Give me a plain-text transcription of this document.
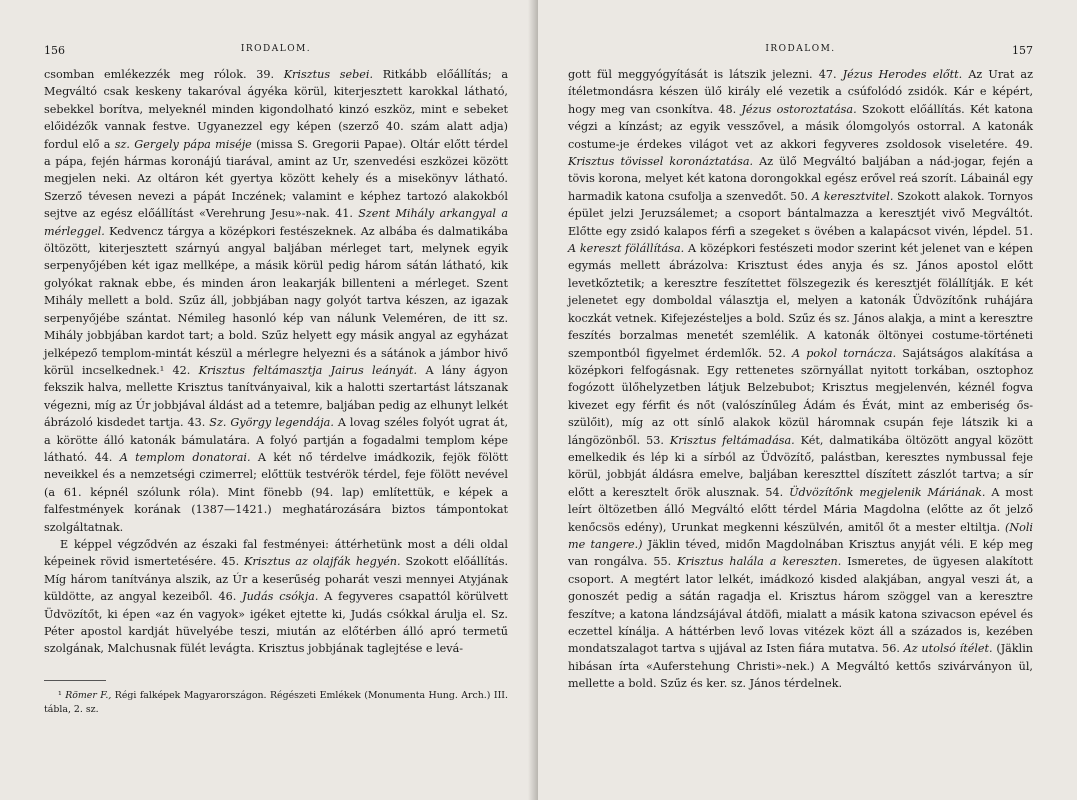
156	IRODALOM.

csomban emlékezzék meg rólok. 39. Krisztus sebei. Ritkább előállítás; a Megváltó csak keskeny takaróval ágyéka körül, kiterjesztett karokkal látható, sebekkel borítva, melyeknél minden kigondolható kinzó eszköz, mint e sebeket előidézők vannak festve. Ugyanezzel egy képen (szerző 40. szám alatt adja) fordul elő a sz. Gergely pápa miséje (missa S. Gregorii Papae). Oltár előtt térdel a pápa, fején hármas koronájú tiarával, amint az Ur, szenvedési eszközei között megjelen neki. Az oltáron két gyertya között kehely és a misekönyv látható. Szerző tévesen nevezi a pápát Inczének; valamint e képhez tartozó alakokból sejtve az egész előállítást «Verehrung Jesu»-nak. 41. Szent Mihály arkangyal a mérleggel. Kedvencz tárgya a középkori festészeknek. Az albába és dalmatikába öltözött, kiterjesztett szárnyú angyal baljában mérleget tart, melynek egyik serpenyőjében két igaz mellképe, a másik körül pedig három sátán látható, kik golyókat raknak ebbe, és minden áron leakarják billenteni a mérleget. Szent Mihály mellett a bold. Szűz áll, jobbjában nagy golyót tartva készen, az igazak serpenyőjébe szántat. Némileg hasonló kép van nálunk Veleméren, de itt sz. Mihály jobbjában kardot tart; a bold. Szűz helyett egy másik angyal az egyházat jelképező templom-mintát készül a mérlegre helyezni és a sátánok a jámbor hivő körül incselkednek.¹ 42. Krisztus feltámasztja Jairus leányát. A lány ágyon fekszik halva, mellette Krisztus tanítványaival, kik a halotti szertartást látszanak végezni, míg az Úr jobbjával áldást ad a tetemre, baljában pedig az elhunyt lelkét ábrázoló kisdedet tartja. 43. Sz. György legendája. A lovag széles folyót ugrat át, a körötte álló katonák bámulatára. A folyó partján a fogadalmi templom képe látható. 44. A templom donatorai. A két nő térdelve imádkozik, fejök fölött neveikkel és a nemzetségi czimerrel; előttük testvérök térdel, feje fölött nevével (a 61. képnél szólunk róla). Mint fönebb (94. lap) említettük, e képek a falfestmények korának (1387—1421.) meghatározására biztos támpontokat szolgáltatnak.

E képpel végződvén az északi fal festményei: áttérhetünk most a déli oldal képeinek rövid ismertetésére. 45. Krisztus az olajfák hegyén. Szokott előállítás. Míg három tanítványa alszik, az Úr a keserűség poharát veszi mennyei Atyjának küldötte, az angyal kezeiből. 46. Judás csókja. A fegyveres csapattól körülvett Üdvözítőt, ki épen «az én vagyok» igéket ejtette ki, Judás csókkal árulja el. Sz. Péter apostol kardját hüvelyébe teszi, miután az előtérben álló apró termetű szolgának, Malchusnak fülét levágta. Krisztus jobbjának taglejtése e levá-

¹ Römer F., Régi falképek Magyarországon. Régészeti Emlékek (Monumenta Hung. Arch.) III. tábla, 2. sz.
IRODALOM.	157

gott fül meggyógyítását is látszik jelezni. 47. Jézus Herodes előtt. Az Urat az ítéletmondásra készen ülő király elé vezetik a csúfolódó zsidók. Kár e képért, hogy meg van csonkítva. 48. Jézus ostoroztatása. Szokott előállítás. Két katona végzi a kínzást; az egyik vesszővel, a másik ólomgolyós ostorral. A katonák costume-je érdekes világot vet az akkori fegyveres zsoldosok viseletére. 49. Krisztus tövissel koronáztatása. Az ülő Megváltó baljában a nád-jogar, fején a tövis korona, melyet két katona dorongokkal egész erővel reá szorít. Lábainál egy harmadik katona csufolja a szenvedőt. 50. A keresztvitel. Szokott alakok. Tornyos épület jelzi Jeruzsálemet; a csoport bántalmazza a keresztjét vivő Megváltót. Előtte egy zsidó kalapos férfi a szegeket s övében a kalapácsot vivén, lépdel. 51. A kereszt fölállítása. A középkori festészeti modor szerint két jelenet van e képen egymás mellett ábrázolva: Krisztust édes anyja és sz. János apostol előtt levetkőztetik; a keresztre feszítettet fölszegezik és keresztjét fölállítják. E két jelenetet egy domboldal választja el, melyen a katonák Üdvözítőnk ruhájára koczkát vetnek. Kifejezésteljes a bold. Szűz és sz. János alakja, a mint a keresztre feszítés borzalmas menetét szemlélik. A katonák öltönyei costume-történeti szempontból figyelmet érdemlők. 52. A pokol tornácza. Sajátságos alakítása a középkori felfogásnak. Egy rettenetes szörnyállat nyitott torkában, osztophoz fogózott ülőhelyzetben látjuk Belzebubot; Krisztus megjelenvén, kéznél fogva kivezet egy férfit és nőt (valószínűleg Ádám és Évát, mint az emberiség ős-szülőit), míg az ott sínlő alakok közül háromnak csupán feje látszik ki a lángözönből. 53. Krisztus feltámadása. Két, dalmatikába öltözött angyal között emelkedik és lép ki a sírból az Üdvözítő, palástban, keresztes nymbussal feje körül, jobbját áldásra emelve, baljában kereszttel díszített zászlót tartva; a sír előtt a keresztelt őrök alusznak. 54. Üdvözítőnk megjelenik Máriának. A most leírt öltözetben álló Megváltó előtt térdel Mária Magdolna (előtte az őt jelző kenőcsös edény), Urunkat megkenni készülvén, amitől őt a mester eltiltja. (Noli me tangere.) Jäklin téved, midőn Magdolnában Krisztus anyját véli. E kép meg van rongálva. 55. Krisztus halála a kereszten. Ismeretes, de ügyesen alakított csoport. A megtért lator lelkét, imádkozó kisded alakjában, angyal veszi át, a gonoszét pedig a sátán ragadja el. Krisztus három szöggel van a keresztre feszítve; a katona lándzsájával átdöfi, mialatt a másik katona szivacson epével és eczettel kínálja. A háttérben levő lovas vitézek közt áll a százados is, kezében mondatszalagot tartva s ujjával az Isten fiára mutatva. 56. Az utolsó ítélet. (Jäklin hibásan írta «Auferstehung Christi»-nek.) A Megváltó kettős szivárványon ül, mellette a bold. Szűz és ker. sz. János térdelnek.
